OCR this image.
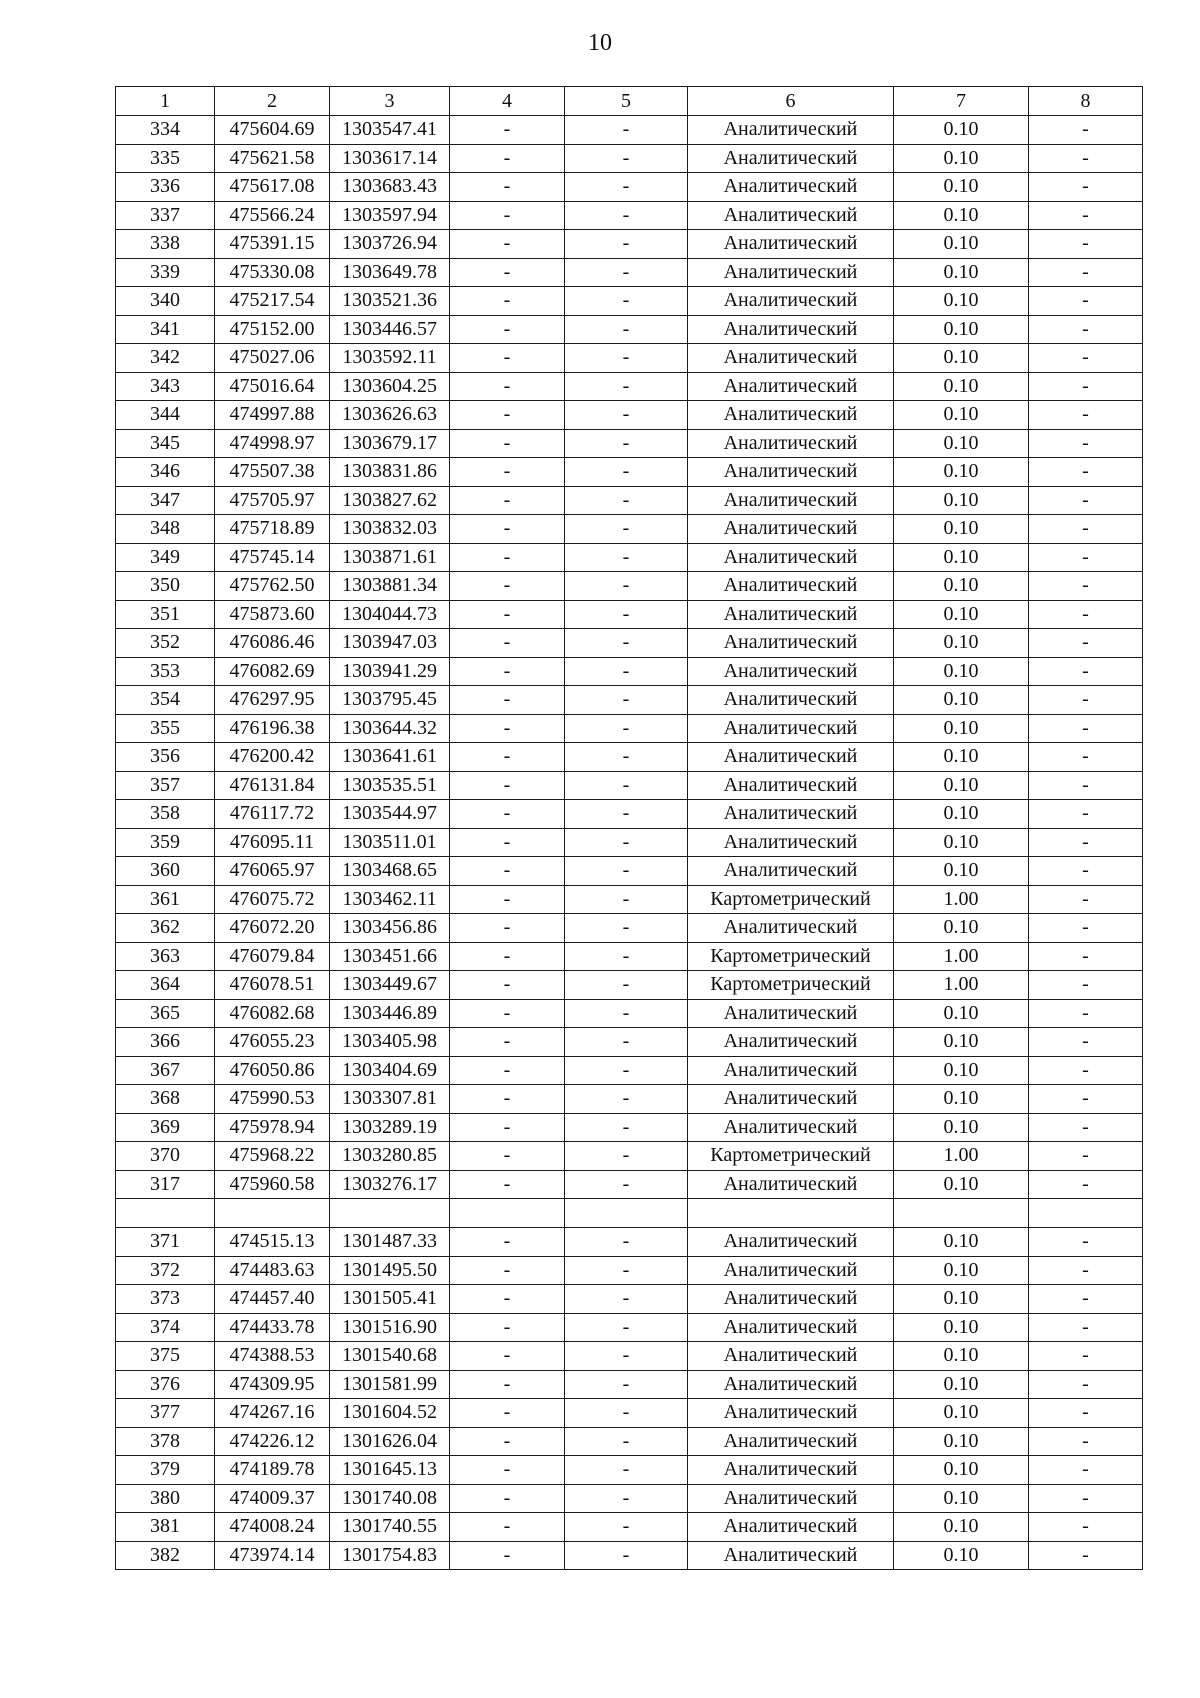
10
1	2	3	4	5	6	7	8
334	475604.69	1303547.41	-	-	Аналитический	0.10	-
335	475621.58	1303617.14	-	-	Аналитический	0.10	-
336	475617.08	1303683.43	-	-	Аналитический	0.10	-
337	475566.24	1303597.94	-	-	Аналитический	0.10	-
338	475391.15	1303726.94	-	-	Аналитический	0.10	-
339	475330.08	1303649.78	-	-	Аналитический	0.10	-
340	475217.54	1303521.36	-	-	Аналитический	0.10	-
341	475152.00	1303446.57	-	-	Аналитический	0.10	-
342	475027.06	1303592.11	-	-	Аналитический	0.10	-
343	475016.64	1303604.25	-	-	Аналитический	0.10	-
344	474997.88	1303626.63	-	-	Аналитический	0.10	-
345	474998.97	1303679.17	-	-	Аналитический	0.10	-
346	475507.38	1303831.86	-	-	Аналитический	0.10	-
347	475705.97	1303827.62	-	-	Аналитический	0.10	-
348	475718.89	1303832.03	-	-	Аналитический	0.10	-
349	475745.14	1303871.61	-	-	Аналитический	0.10	-
350	475762.50	1303881.34	-	-	Аналитический	0.10	-
351	475873.60	1304044.73	-	-	Аналитический	0.10	-
352	476086.46	1303947.03	-	-	Аналитический	0.10	-
353	476082.69	1303941.29	-	-	Аналитический	0.10	-
354	476297.95	1303795.45	-	-	Аналитический	0.10	-
355	476196.38	1303644.32	-	-	Аналитический	0.10	-
356	476200.42	1303641.61	-	-	Аналитический	0.10	-
357	476131.84	1303535.51	-	-	Аналитический	0.10	-
358	476117.72	1303544.97	-	-	Аналитический	0.10	-
359	476095.11	1303511.01	-	-	Аналитический	0.10	-
360	476065.97	1303468.65	-	-	Аналитический	0.10	-
361	476075.72	1303462.11	-	-	Картометрический	1.00	-
362	476072.20	1303456.86	-	-	Аналитический	0.10	-
363	476079.84	1303451.66	-	-	Картометрический	1.00	-
364	476078.51	1303449.67	-	-	Картометрический	1.00	-
365	476082.68	1303446.89	-	-	Аналитический	0.10	-
366	476055.23	1303405.98	-	-	Аналитический	0.10	-
367	476050.86	1303404.69	-	-	Аналитический	0.10	-
368	475990.53	1303307.81	-	-	Аналитический	0.10	-
369	475978.94	1303289.19	-	-	Аналитический	0.10	-
370	475968.22	1303280.85	-	-	Картометрический	1.00	-
317	475960.58	1303276.17	-	-	Аналитический	0.10	-

371	474515.13	1301487.33	-	-	Аналитический	0.10	-
372	474483.63	1301495.50	-	-	Аналитический	0.10	-
373	474457.40	1301505.41	-	-	Аналитический	0.10	-
374	474433.78	1301516.90	-	-	Аналитический	0.10	-
375	474388.53	1301540.68	-	-	Аналитический	0.10	-
376	474309.95	1301581.99	-	-	Аналитический	0.10	-
377	474267.16	1301604.52	-	-	Аналитический	0.10	-
378	474226.12	1301626.04	-	-	Аналитический	0.10	-
379	474189.78	1301645.13	-	-	Аналитический	0.10	-
380	474009.37	1301740.08	-	-	Аналитический	0.10	-
381	474008.24	1301740.55	-	-	Аналитический	0.10	-
382	473974.14	1301754.83	-	-	Аналитический	0.10	-
